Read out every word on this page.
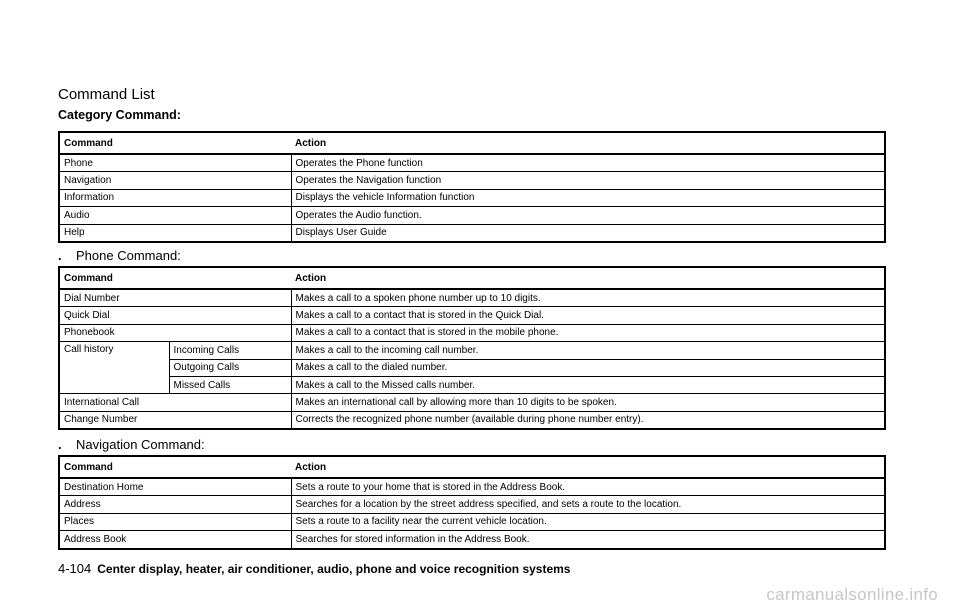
Command List
Category Command:
Command	Action
Phone	Operates the Phone function
Navigation	Operates the Navigation function
Information	Displays the vehicle Information function
Audio	Operates the Audio function.
Help	Displays User Guide
. Phone Command:
Command		Action
Dial Number		Makes a call to a spoken phone number up to 10 digits.
Quick Dial		Makes a call to a contact that is stored in the Quick Dial.
Phonebook		Makes a call to a contact that is stored in the mobile phone.
Call history	Incoming Calls	Makes a call to the incoming call number.
	Outgoing Calls	Makes a call to the dialed number.
	Missed Calls	Makes a call to the Missed calls number.
International Call		Makes an international call by allowing more than 10 digits to be spoken.
Change Number		Corrects the recognized phone number (available during phone number entry).
. Navigation Command:
Command	Action
Destination Home	Sets a route to your home that is stored in the Address Book.
Address	Searches for a location by the street address specified, and sets a route to the location.
Places	Sets a route to a facility near the current vehicle location.
Address Book	Searches for stored information in the Address Book.
4-104 Center display, heater, air conditioner, audio, phone and voice recognition systems
carmanualsonline.info
